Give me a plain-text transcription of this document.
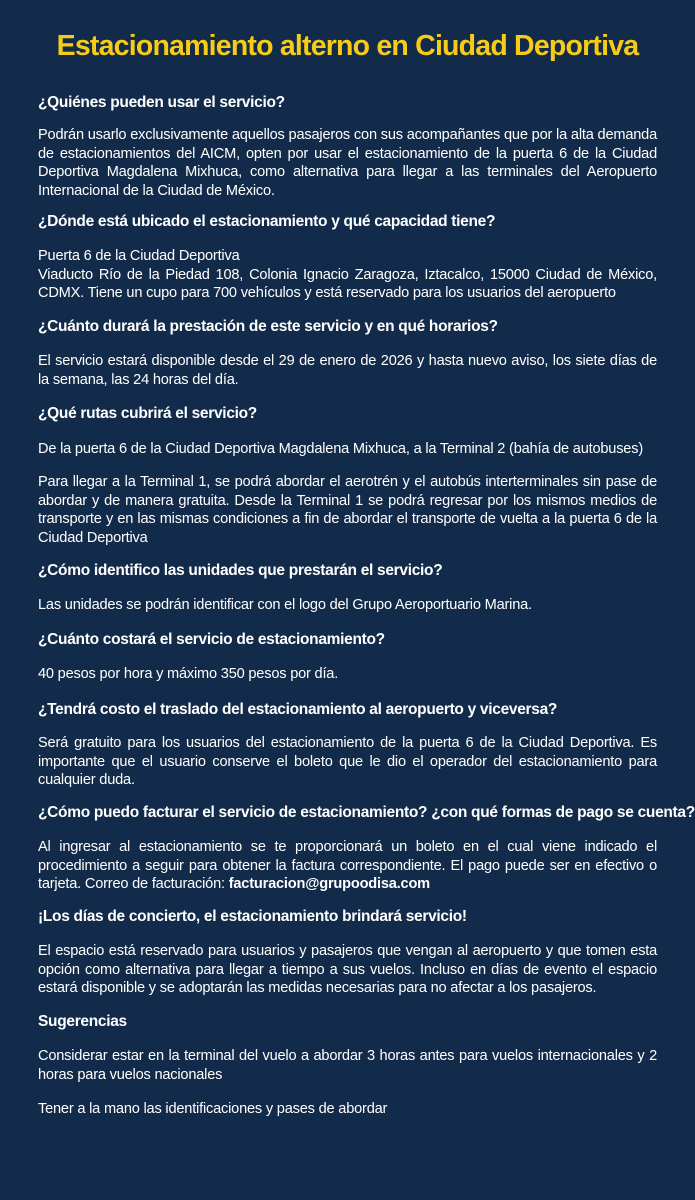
Estacionamiento alterno en Ciudad Deportiva

¿Quiénes pueden usar el servicio?

Podrán usarlo exclusivamente aquellos pasajeros con sus acompañantes que por la alta demanda de estacionamientos del AICM, opten por usar el estacionamiento de la puerta 6 de la Ciudad Deportiva Magdalena Mixhuca, como alternativa para llegar a las terminales del Aeropuerto Internacional de la Ciudad de México.

¿Dónde está ubicado el estacionamiento y qué capacidad tiene?

Puerta 6 de la Ciudad Deportiva

Viaducto Río de la Piedad 108, Colonia Ignacio Zaragoza, Iztacalco, 15000 Ciudad de México, CDMX. Tiene un cupo para 700 vehículos y está reservado para los usuarios del aeropuerto

¿Cuánto durará la prestación de este servicio y en qué horarios?

El servicio estará disponible desde el 29 de enero de 2026 y hasta nuevo aviso, los siete días de la semana, las 24 horas del día.

¿Qué rutas cubrirá el servicio?

De la puerta 6 de la Ciudad Deportiva Magdalena Mixhuca, a la Terminal 2 (bahía de autobuses)

Para llegar a la Terminal 1, se podrá abordar el aerotrén y el autobús interterminales sin pase de abordar y de manera gratuita. Desde la Terminal 1 se podrá regresar por los mismos medios de transporte y en las mismas condiciones a fin de abordar el transporte de vuelta a la puerta 6 de la Ciudad Deportiva

¿Cómo identifico las unidades que prestarán el servicio?

Las unidades se podrán identificar con el logo del Grupo Aeroportuario Marina.

¿Cuánto costará el servicio de estacionamiento?

40 pesos por hora y máximo 350 pesos por día.

¿Tendrá costo el traslado del estacionamiento al aeropuerto y viceversa?

Será gratuito para los usuarios del estacionamiento de la puerta 6 de la Ciudad Deportiva. Es importante que el usuario conserve el boleto que le dio el operador del estacionamiento para cualquier duda.

¿Cómo puedo facturar el servicio de estacionamiento? ¿con qué formas de pago se cuenta?

Al ingresar al estacionamiento se te proporcionará un boleto en el cual viene indicado el procedimiento a seguir para obtener la factura correspondiente. El pago puede ser en efectivo o tarjeta. Correo de facturación: facturacion@grupoodisa.com

¡Los días de concierto, el estacionamiento brindará servicio!

El espacio está reservado para usuarios y pasajeros que vengan al aeropuerto y que tomen esta opción como alternativa para llegar a tiempo a sus vuelos. Incluso en días de evento el espacio estará disponible y se adoptarán las medidas necesarias para no afectar a los pasajeros.

Sugerencias

Considerar estar en la terminal del vuelo a abordar 3 horas antes para vuelos internacionales y 2 horas para vuelos nacionales

Tener a la mano las identificaciones y pases de abordar
